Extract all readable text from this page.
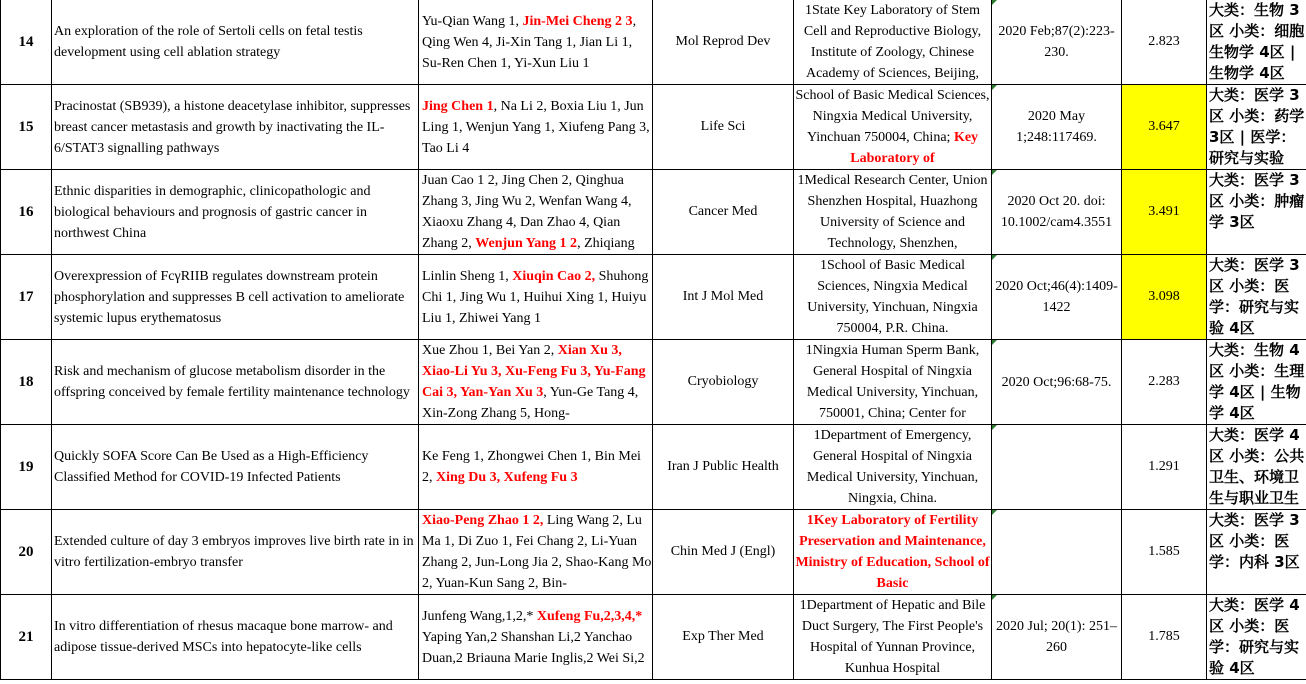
14	An exploration of the role of Sertoli cells on fetal testis development using cell ablation strategy	Yu-Qian Wang 1, Jin-Mei Cheng 2 3, Qing Wen 4, Ji-Xin Tang 1, Jian Li 1, Su-Ren Chen 1, Yi-Xun Liu 1	Mol Reprod Dev	1State Key Laboratory of Stem Cell and Reproductive Biology, Institute of Zoology, Chinese Academy of Sciences, Beijing,	2020 Feb;87(2):223-230.	2.823	大类：生物 3区 小类：细胞生物学 4区 | 生物学 4区

15	Pracinostat (SB939), a histone deacetylase inhibitor, suppresses breast cancer metastasis and growth by inactivating the IL-6/STAT3 signalling pathways	Jing Chen 1, Na Li 2, Boxia Liu 1, Jun Ling 1, Wenjun Yang 1, Xiufeng Pang 3, Tao Li 4	Life Sci	School of Basic Medical Sciences, Ningxia Medical University, Yinchuan 750004, China; Key Laboratory of	2020 May 1;248:117469.	3.647	大类：医学 3区 小类：药学 3区 | 医学：研究与实验

16	Ethnic disparities in demographic, clinicopathologic and biological behaviours and prognosis of gastric cancer in northwest China	Juan Cao 1 2, Jing Chen 2, Qinghua Zhang 3, Jing Wu 2, Wenfan Wang 4, Xiaoxu Zhang 4, Dan Zhao 4, Qian Zhang 2, Wenjun Yang 1 2, Zhiqiang	Cancer Med	1Medical Research Center, Union Shenzhen Hospital, Huazhong University of Science and Technology, Shenzhen,	2020 Oct 20. doi: 10.1002/cam4.3551	3.491	大类：医学 3区 小类：肿瘤学 3区

17	Overexpression of FcγRIIB regulates downstream protein phosphorylation and suppresses B cell activation to ameliorate systemic lupus erythematosus	Linlin Sheng 1, Xiuqin Cao 2, Shuhong Chi 1, Jing Wu 1, Huihui Xing 1, Huiyu Liu 1, Zhiwei Yang 1	Int J Mol Med	1School of Basic Medical Sciences, Ningxia Medical University, Yinchuan, Ningxia 750004, P.R. China.	2020 Oct;46(4):1409-1422	3.098	大类：医学 3区 小类：医学：研究与实验 4区

18	Risk and mechanism of glucose metabolism disorder in the offspring conceived by female fertility maintenance technology	Xue Zhou 1, Bei Yan 2, Xian Xu 3, Xiao-Li Yu 3, Xu-Feng Fu 3, Yu-Fang Cai 3, Yan-Yan Xu 3, Yun-Ge Tang 4, Xin-Zong Zhang 5, Hong-	Cryobiology	1Ningxia Human Sperm Bank, General Hospital of Ningxia Medical University, Yinchuan, 750001, China; Center for	2020 Oct;96:68-75.	2.283	大类：生物 4区 小类：生理学 4区 | 生物学 4区

19	Quickly SOFA Score Can Be Used as a High-Efficiency Classified Method for COVID-19 Infected Patients	Ke Feng 1, Zhongwei Chen 1, Bin Mei 2, Xing Du 3, Xufeng Fu 3	Iran J Public Health	1Department of Emergency, General Hospital of Ningxia Medical University, Yinchuan, Ningxia, China.		1.291	大类：医学 4区 小类：公共卫生、环境卫生与职业卫生

20	Extended culture of day 3 embryos improves live birth rate in in vitro fertilization-embryo transfer	Xiao-Peng Zhao 1 2, Ling Wang 2, Lu Ma 1, Di Zuo 1, Fei Chang 2, Li-Yuan Zhang 2, Jun-Long Jia 2, Shao-Kang Mo 2, Yuan-Kun Sang 2, Bin-	Chin Med J (Engl)	1Key Laboratory of Fertility Preservation and Maintenance, Ministry of Education, School of Basic		1.585	大类：医学 3区 小类：医学：内科 3区

21	In vitro differentiation of rhesus macaque bone marrow- and adipose tissue-derived MSCs into hepatocyte-like cells	Junfeng Wang,1,2,* Xufeng Fu,2,3,4,* Yaping Yan,2 Shanshan Li,2 Yanchao Duan,2 Briauna Marie Inglis,2 Wei Si,2	Exp Ther Med	1Department of Hepatic and Bile Duct Surgery, The First People's Hospital of Yunnan Province, Kunhua Hospital	2020 Jul; 20(1): 251–260	1.785	大类：医学 4区 小类：医学：研究与实验 4区
